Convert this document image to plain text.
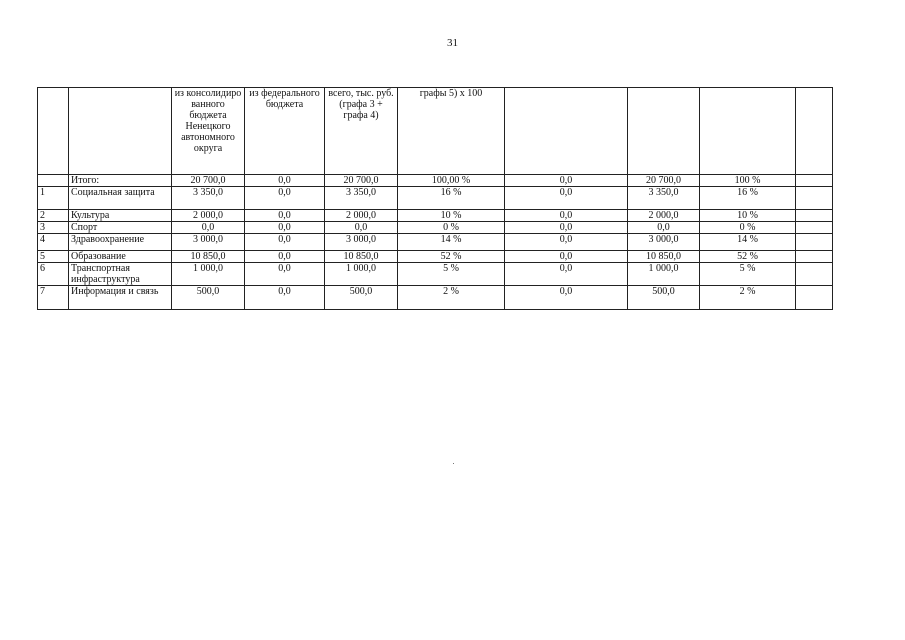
31
		из консолидиро ванного бюджета Ненецкого автономного округа	из федерального бюджета	всего, тыс. руб. (графа 3 + графа 4)	графы 5) x 100				
	Итого:	20 700,0	0,0	20 700,0	100,00 %	0,0	20 700,0	100 %	
1	Социальная защита	3 350,0	0,0	3 350,0	16 %	0,0	3 350,0	16 %	
2	Культура	2 000,0	0,0	2 000,0	10 %	0,0	2 000,0	10 %	
3	Спорт	0,0	0,0	0,0	0 %	0,0	0,0	0 %	
4	Здравоохранение	3 000,0	0,0	3 000,0	14 %	0,0	3 000,0	14 %	
5	Образование	10 850,0	0,0	10 850,0	52 %	0,0	10 850,0	52 %	
6	Транспортная инфраструктура	1 000,0	0,0	1 000,0	5 %	0,0	1 000,0	5 %	
7	Информация и связь	500,0	0,0	500,0	2 %	0,0	500,0	2 %	
